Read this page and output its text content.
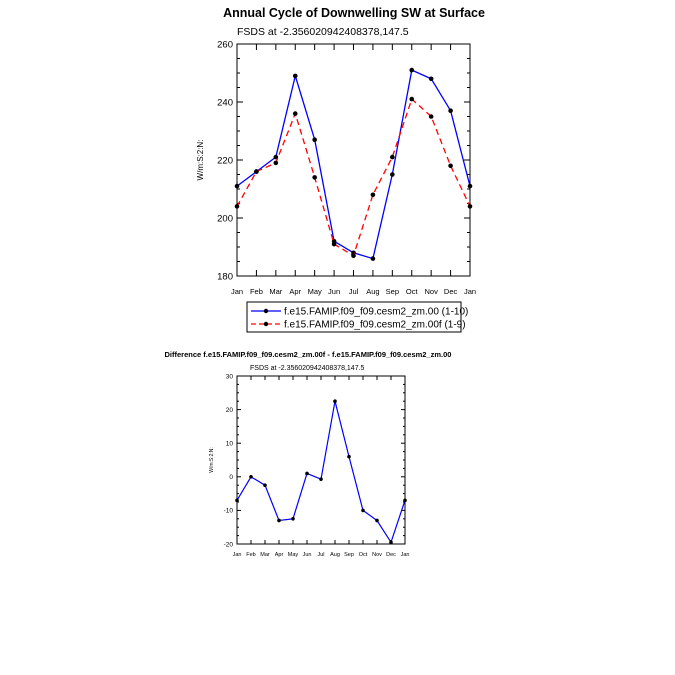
Annual Cycle of Downwelling SW at Surface
FSDS at -2.356020942408378,147.5
W/m:S:2:N:
180
200
220
240
260
Jan Feb Mar Apr May Jun Jul Aug Sep Oct Nov Dec Jan
f.e15.FAMIP.f09_f09.cesm2_zm.00 (1-10)
f.e15.FAMIP.f09_f09.cesm2_zm.00f (1-9)
Difference f.e15.FAMIP.f09_f09.cesm2_zm.00f - f.e15.FAMIP.f09_f09.cesm2_zm.00
FSDS at -2.356020942408378,147.5
W/m:S:2:N:
-20
-10
0
10
20
30
Jan Feb Mar Apr May Jun Jul Aug Sep Oct Nov Dec Jan
